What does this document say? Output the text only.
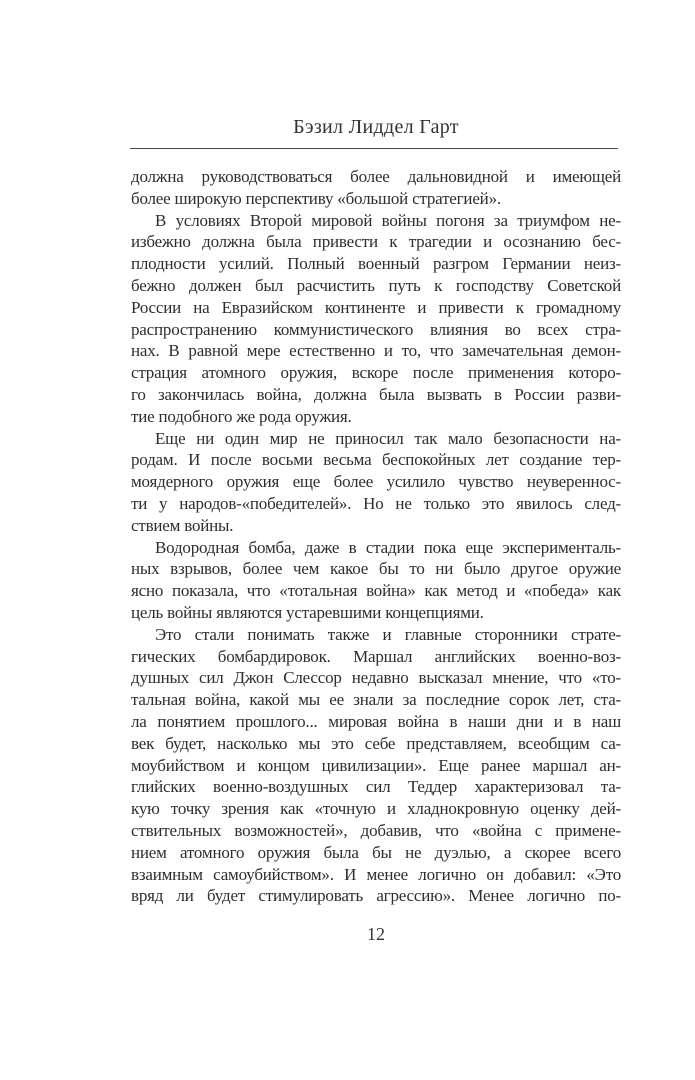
Бэзил Лиддел Гарт
должна руководствоваться более дальновидной и имеющей
более широкую перспективу «большой стратегией».
В условиях Второй мировой войны погоня за триумфом не-
избежно должна была привести к трагедии и осознанию бес-
плодности усилий. Полный военный разгром Германии неиз-
бежно должен был расчистить путь к господству Советской
России на Евразийском континенте и привести к громадному
распространению коммунистического влияния во всех стра-
нах. В равной мере естественно и то, что замечательная демон-
страция атомного оружия, вскоре после применения которо-
го закончилась война, должна была вызвать в России разви-
тие подобного же рода оружия.
Еще ни один мир не приносил так мало безопасности на-
родам. И после восьми весьма беспокойных лет создание тер-
моядерного оружия еще более усилило чувство неувереннос-
ти у народов-«победителей». Но не только это явилось след-
ствием войны.
Водородная бомба, даже в стадии пока еще эксперименталь-
ных взрывов, более чем какое бы то ни было другое оружие
ясно показала, что «тотальная война» как метод и «победа» как
цель войны являются устаревшими концепциями.
Это стали понимать также и главные сторонники страте-
гических бомбардировок. Маршал английских военно-воз-
душных сил Джон Слессор недавно высказал мнение, что «то-
тальная война, какой мы ее знали за последние сорок лет, ста-
ла понятием прошлого... мировая война в наши дни и в наш
век будет, насколько мы это себе представляем, всеобщим са-
моубийством и концом цивилизации». Еще ранее маршал ан-
глийских военно-воздушных сил Теддер характеризовал та-
кую точку зрения как «точную и хладнокровную оценку дей-
ствительных возможностей», добавив, что «война с примене-
нием атомного оружия была бы не дуэлью, а скорее всего
взаимным самоубийством». И менее логично он добавил: «Это
вряд ли будет стимулировать агрессию». Менее логично по-
12
